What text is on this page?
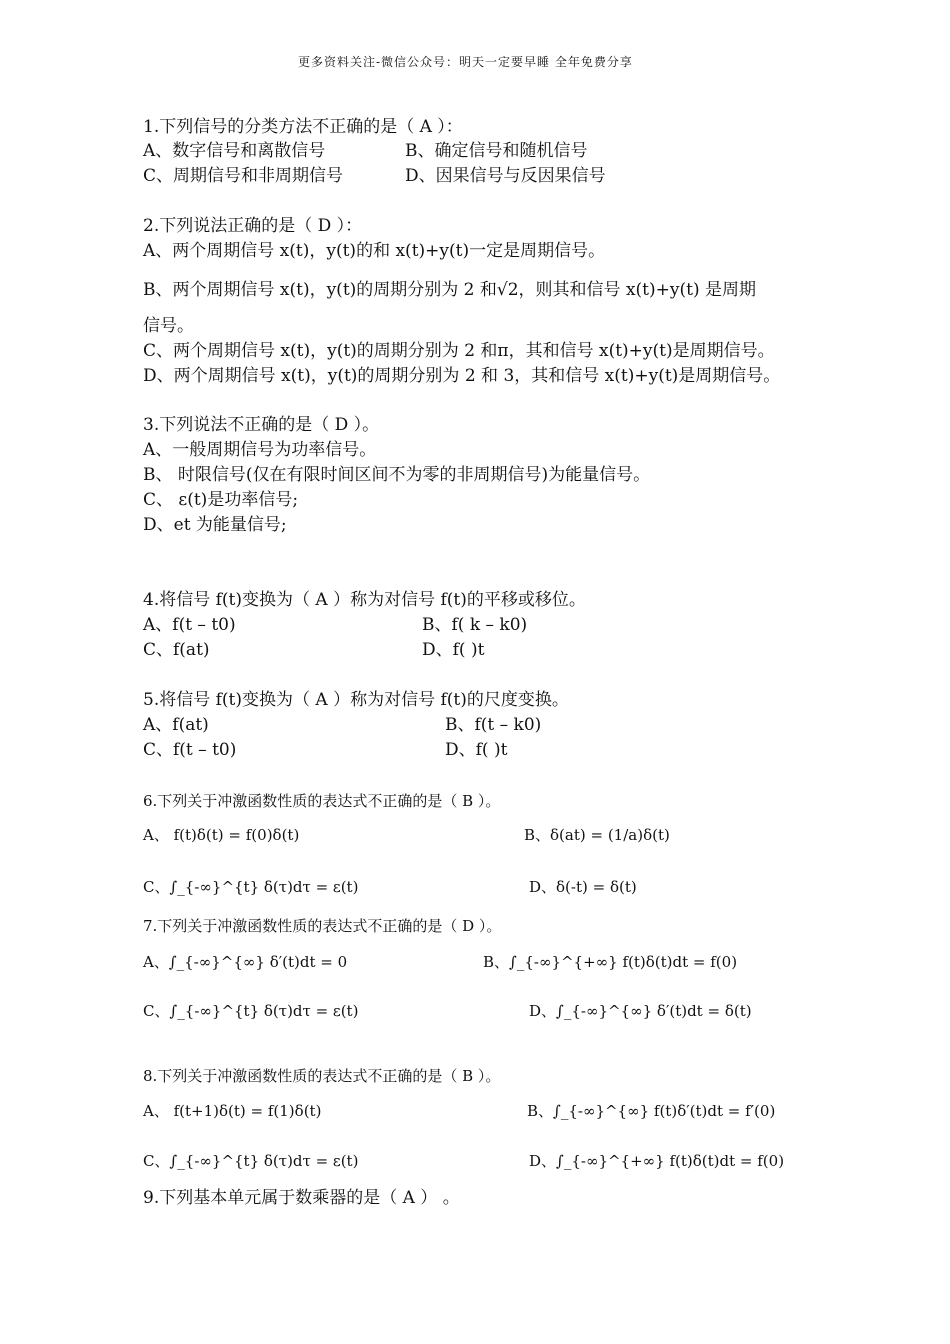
更多资料关注-微信公众号：明天一定要早睡 全年免费分享
1.下列信号的分类方法不正确的是（ A ）：
A、数字信号和离散信号	B、确定信号和随机信号
C、周期信号和非周期信号	D、因果信号与反因果信号
2.下列说法正确的是（ D ）：
A、两个周期信号 x(t)，y(t)的和 x(t)+y(t)一定是周期信号。
B、两个周期信号 x(t)，y(t)的周期分别为 2 和√2，则其和信号 x(t)+y(t) 是周期
信号。
C、两个周期信号 x(t)，y(t)的周期分别为 2 和π，其和信号 x(t)+y(t)是周期信号。
D、两个周期信号 x(t)，y(t)的周期分别为 2 和 3，其和信号 x(t)+y(t)是周期信号。
3.下列说法不正确的是（ D ）。
A、一般周期信号为功率信号。
B、 时限信号(仅在有限时间区间不为零的非周期信号)为能量信号。
C、 ε(t)是功率信号;
D、et 为能量信号;
4.将信号 f(t)变换为（ A ）称为对信号 f(t)的平移或移位。
A、f(t – t0)	B、f( k – k0)
C、f(at)	D、f( )t
5.将信号 f(t)变换为（ A ）称为对信号 f(t)的尺度变换。
A、f(at)	B、f(t – k0)
C、f(t – t0)	D、f( )t
6.下列关于冲激函数性质的表达式不正确的是（ B ）。
A、 f(t)δ(t) = f(0)δ(t)	B、δ(at) = (1/a)δ(t)
C、∫_{-∞}^{t} δ(τ)dτ = ε(t)	D、δ(-t) = δ(t)
7.下列关于冲激函数性质的表达式不正确的是（ D ）。
A、∫_{-∞}^{∞} δ′(t)dt = 0	B、∫_{-∞}^{+∞} f(t)δ(t)dt = f(0)
C、∫_{-∞}^{t} δ(τ)dτ = ε(t)	D、∫_{-∞}^{∞} δ′(t)dt = δ(t)
8.下列关于冲激函数性质的表达式不正确的是（ B ）。
A、 f(t+1)δ(t) = f(1)δ(t)	B、∫_{-∞}^{∞} f(t)δ′(t)dt = f′(0)
C、∫_{-∞}^{t} δ(τ)dτ = ε(t)	D、∫_{-∞}^{+∞} f(t)δ(t)dt = f(0)
9.下列基本单元属于数乘器的是（ A ） 。
